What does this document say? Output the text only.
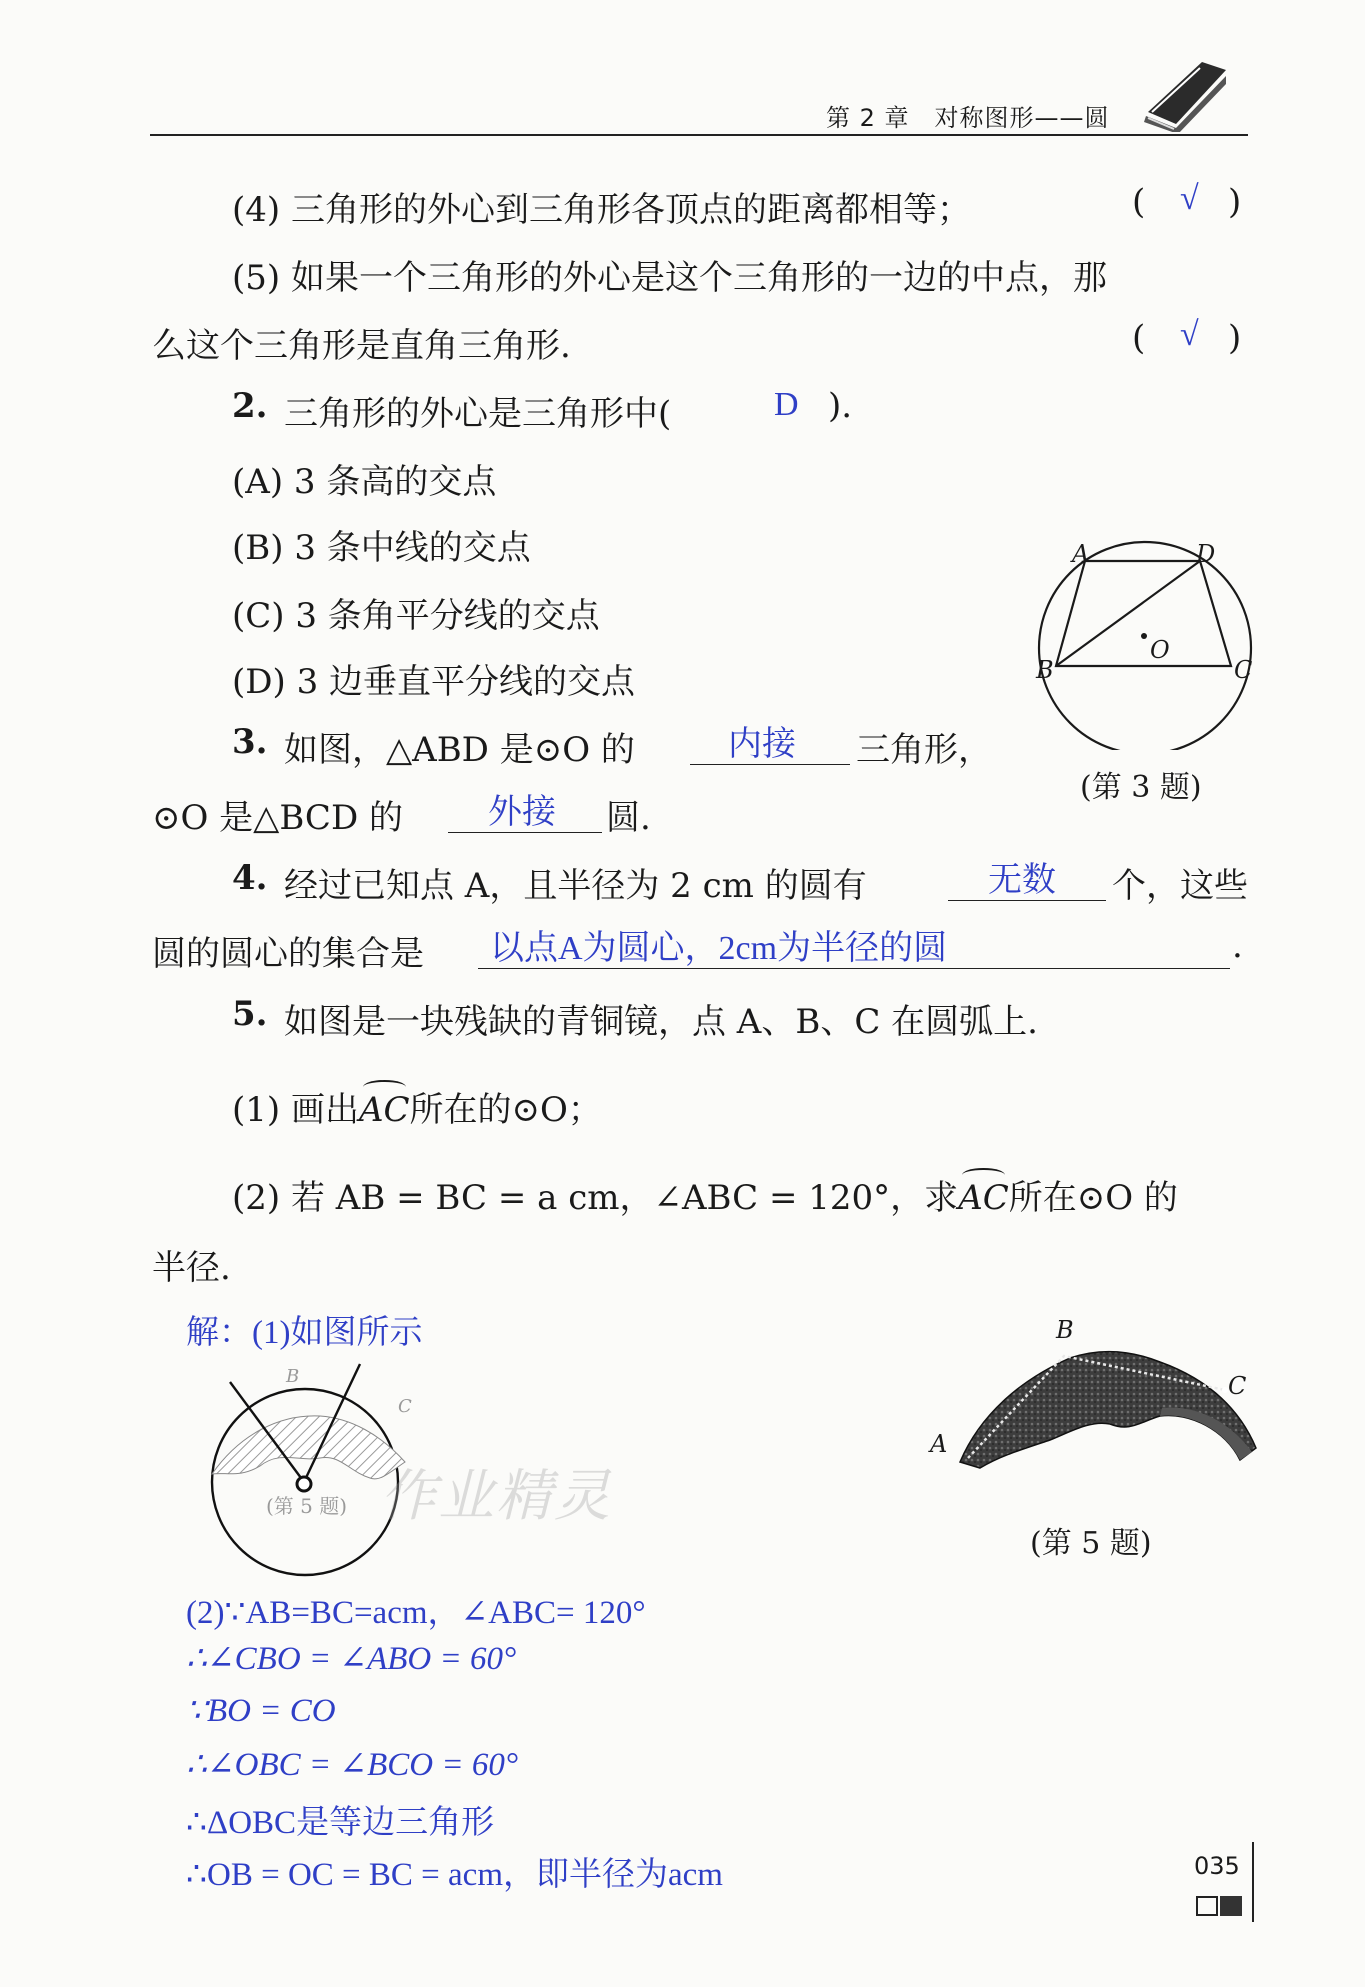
第 2 章　对称图形——圆
(4) 三角形的外心到三角形各顶点的距离都相等；	( √ )
(5) 如果一个三角形的外心是这个三角形的一边的中点，那
么这个三角形是直角三角形.	( √ )
2. 三角形的外心是三角形中(	D ).
(A) 3 条高的交点
(B) 3 条中线的交点
(C) 3 条角平分线的交点
(D) 3 边垂直平分线的交点
A	D
B	C
O
(第 3 题)
3. 如图，△ABD 是⊙O 的	内接 三角形，
⊙O 是△BCD 的 外接 圆.
4. 经过已知点 A，且半径为 2 cm 的圆有	无数 个，这些
圆的圆心的集合是 以点A为圆心，2cm为半径的圆	.
5. 如图是一块残缺的青铜镜，点 A、B、C 在圆弧上.
(1) 画出AC所在的⊙O；
(2) 若 AB = BC = a cm，∠ABC = 120°，求AC所在⊙O 的
半径.
A
B
C
(第 5 题)
解：(1)如图所示
B
C
(第 5 题) 作业精灵
(2)∵AB=BC=acm，∠ABC= 120°
∴∠CBO = ∠ABO = 60°
∵BO = CO
∴∠OBC = ∠BCO = 60°
∴ΔOBC是等边三角形
∴OB = OC = BC = acm，即半径为acm	035
